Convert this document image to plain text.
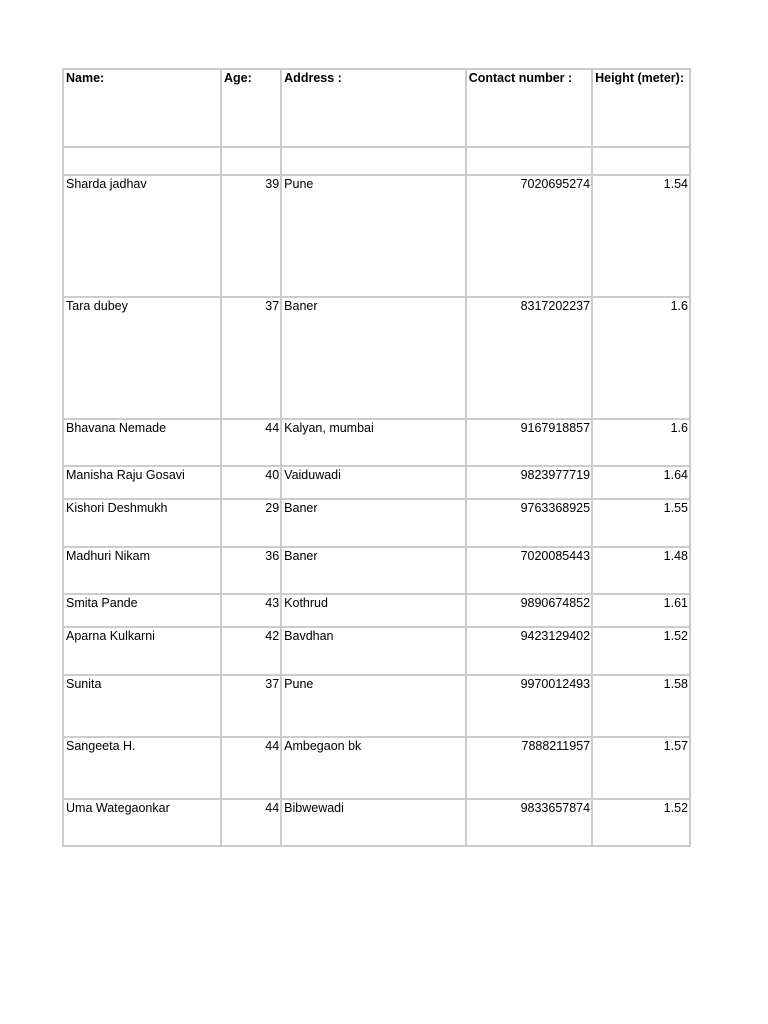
Name:	Age:	Address :	Contact number :	Height (meter):

Sharda jadhav	39	Pune	7020695274	1.54
Tara dubey	37	Baner	8317202237	1.6
Bhavana Nemade	44	Kalyan, mumbai	9167918857	1.6
Manisha Raju Gosavi	40	Vaiduwadi	9823977719	1.64
Kishori Deshmukh	29	Baner	9763368925	1.55
Madhuri Nikam	36	Baner	7020085443	1.48
Smita Pande	43	Kothrud	9890674852	1.61
Aparna Kulkarni	42	Bavdhan	9423129402	1.52
Sunita	37	Pune	9970012493	1.58
Sangeeta H.	44	Ambegaon bk	7888211957	1.57
Uma Wategaonkar	44	Bibwewadi	9833657874	1.52
